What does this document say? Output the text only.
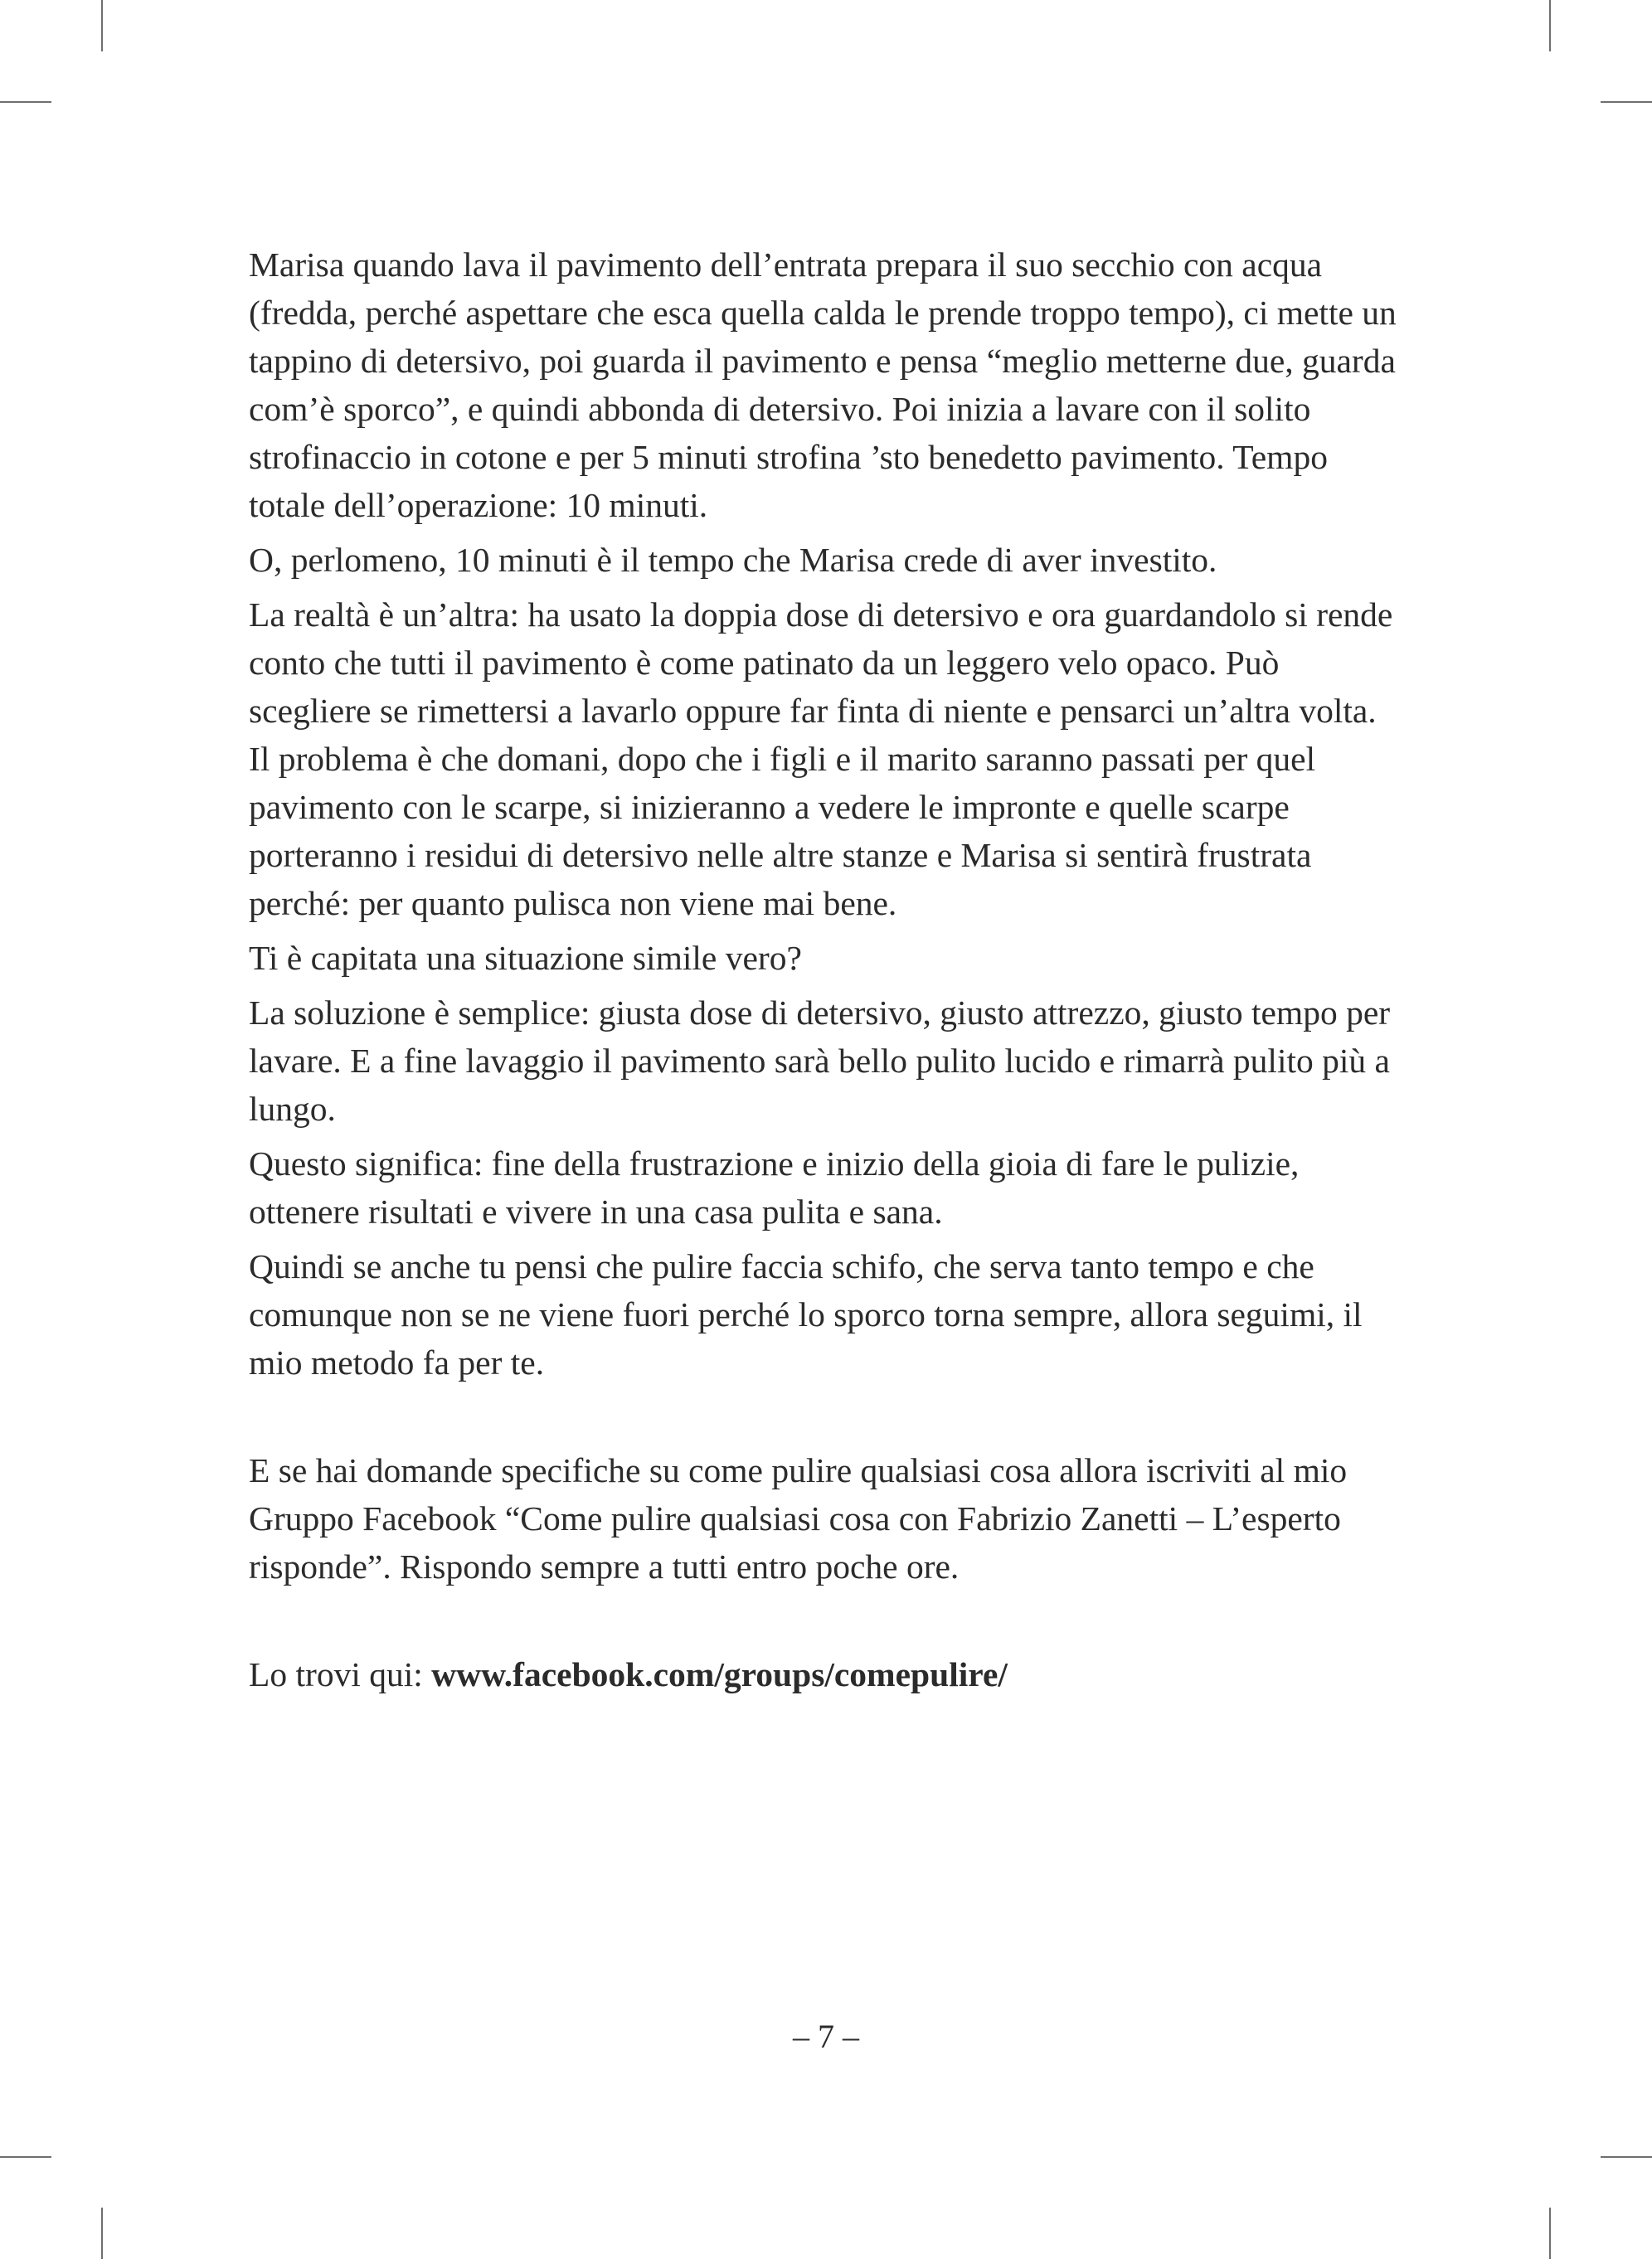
Marisa quando lava il pavimento dell’entrata prepara il suo secchio con acqua (fredda, perché aspettare che esca quella calda le prende troppo tempo), ci mette un tappino di detersivo, poi guarda il pavimento e pensa “meglio metterne due, guarda com’è sporco”, e quindi abbonda di detersivo. Poi inizia a lavare con il solito strofinaccio in cotone e per 5 minuti strofina ’sto benedetto pavimento. Tempo totale dell’operazione: 10 minuti.

O, perlomeno, 10 minuti è il tempo che Marisa crede di aver investito.

La realtà è un’altra: ha usato la doppia dose di detersivo e ora guardandolo si rende conto che tutti il pavimento è come patinato da un leggero velo opaco. Può scegliere se rimettersi a lavarlo oppure far finta di niente e pensarci un’altra volta. Il problema è che domani, dopo che i figli e il marito saranno passati per quel pavimento con le scarpe, si inizieranno a vedere le impronte e quelle scarpe porteranno i residui di detersivo nelle altre stanze e Marisa si sentirà frustrata perché: per quanto pulisca non viene mai bene.

Ti è capitata una situazione simile vero?

La soluzione è semplice: giusta dose di detersivo, giusto attrezzo, giusto tempo per lavare. E a fine lavaggio il pavimento sarà bello pulito lucido e rimarrà pulito più a lungo.

Questo significa: fine della frustrazione e inizio della gioia di fare le pulizie, ottenere risultati e vivere in una casa pulita e sana.

Quindi se anche tu pensi che pulire faccia schifo, che serva tanto tempo e che comunque non se ne viene fuori perché lo sporco torna sempre, allora seguimi, il mio metodo fa per te.

E se hai domande specifiche su come pulire qualsiasi cosa allora iscriviti al mio Gruppo Facebook “Come pulire qualsiasi cosa con Fabrizio Zanetti – L’esperto risponde”. Rispondo sempre a tutti entro poche ore.

Lo trovi qui: www.facebook.com/groups/comepulire/

– 7 –
